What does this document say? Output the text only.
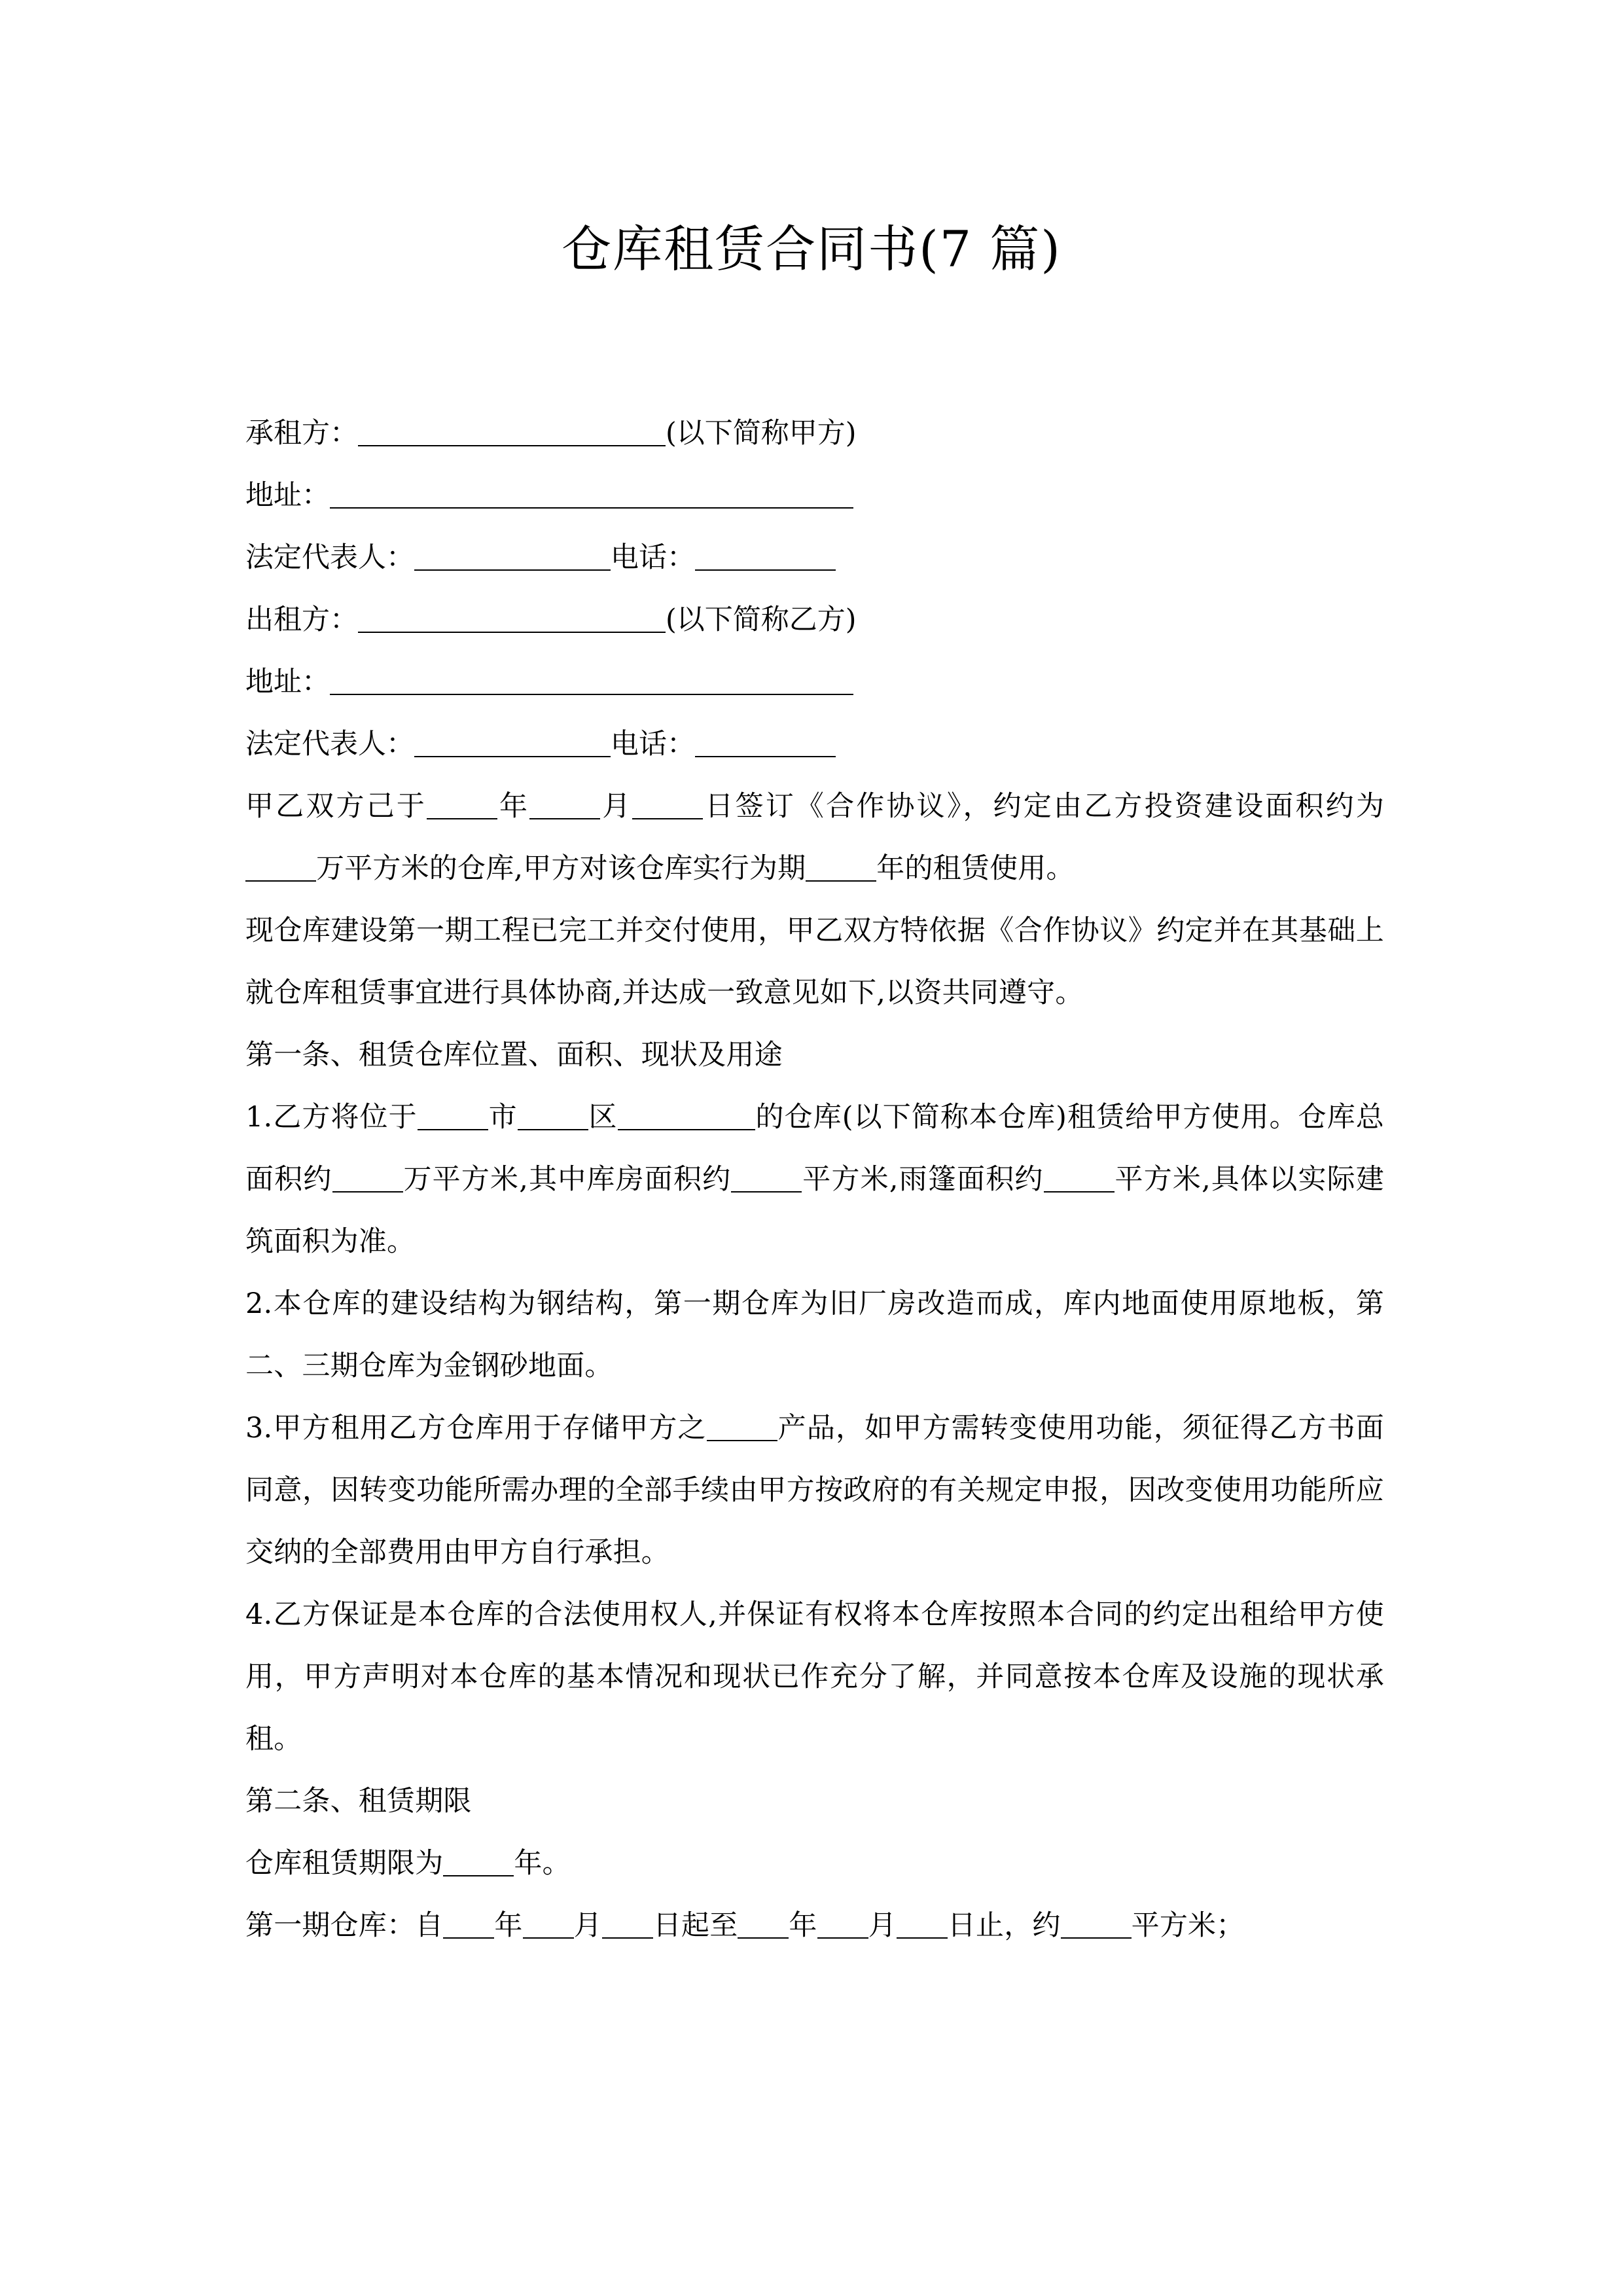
仓库租赁合同书(7 篇)
承租方：	(以下简称甲方)
地址：
法定代表人：	电话：
出租方：	(以下简称乙方)
地址：
法定代表人：	电话：
甲乙双方己于	年	月	日签订《合作协议》，约定由乙方投资建设面积约为万平方米的仓库,甲方对该仓库实行为期	年的租赁使用。
现仓库建设第一期工程已完工并交付使用，甲乙双方特依据《合作协议》约定并在其基础上就仓库租赁事宜进行具体协商,并达成一致意见如下,以资共同遵守。
第一条、租赁仓库位置、面积、现状及用途
1.乙方将位于	市	区	的仓库(以下简称本仓库)租赁给甲方使用。仓库总面积约	万平方米,其中库房面积约	平方米,雨篷面积约	平方米,具体以实际建筑面积为准。
2.本仓库的建设结构为钢结构，第一期仓库为旧厂房改造而成，库内地面使用原地板，第二、三期仓库为金钢砂地面。
3.甲方租用乙方仓库用于存储甲方之	产品，如甲方需转变使用功能，须征得乙方书面同意，因转变功能所需办理的全部手续由甲方按政府的有关规定申报，因改变使用功能所应交纳的全部费用由甲方自行承担。
4.乙方保证是本仓库的合法使用权人,并保证有权将本仓库按照本合同的约定出租给甲方使用，甲方声明对本仓库的基本情况和现状已作充分了解，并同意按本仓库及设施的现状承租。
第二条、租赁期限
仓库租赁期限为	年。
第一期仓库：自 年 月 日起至 年 月 日止，约	平方米；
